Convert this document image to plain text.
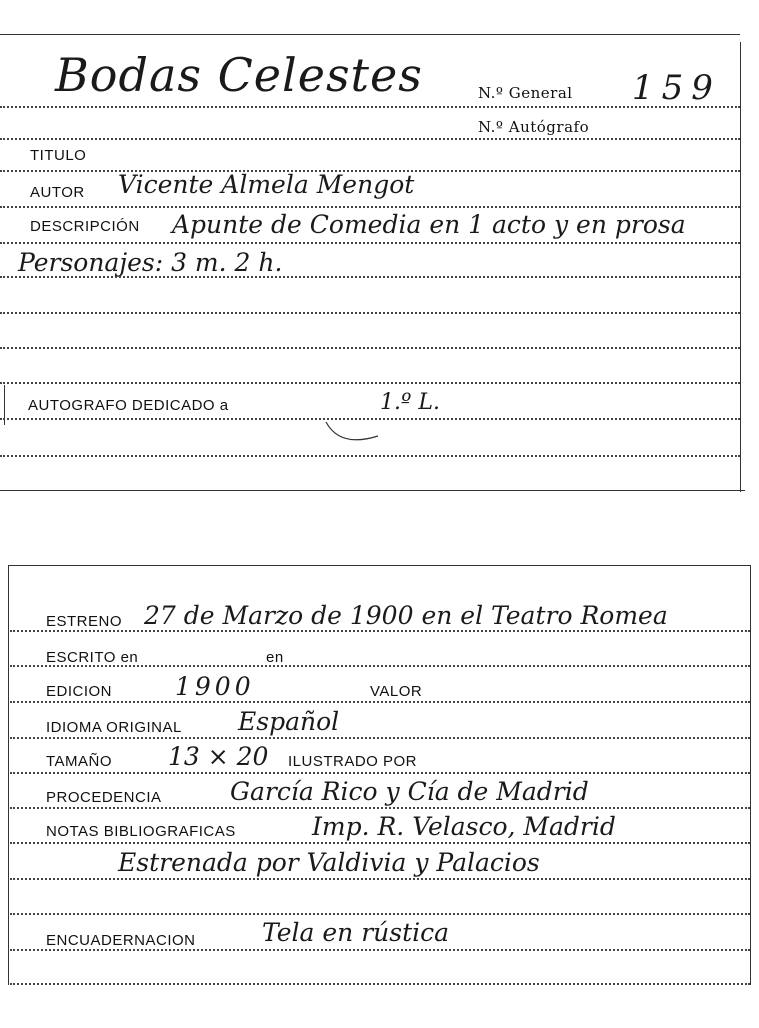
Bodas Celestes	N.º General 159
N.º Autógrafo
TITULO
AUTOR Vicente Almela Mengot
DESCRIPCIÓN Apunte de Comedia en 1 acto y en prosa
Personajes: 3 m. 2 h.
AUTOGRAFO DEDICADO a	1.º L.
ESTRENO 27 de Marzo de 1900 en el Teatro Romea
ESCRITO en	en
EDICION	1900	VALOR
IDIOMA ORIGINAL Español
TAMAÑO 13 × 20 ILUSTRADO POR
PROCEDENCIA	García Rico y Cía de Madrid
NOTAS BIBLIOGRAFICAS	Imp. R. Velasco, Madrid
Estrenada por Valdivia y Palacios
ENCUADERNACION	Tela en rústica
